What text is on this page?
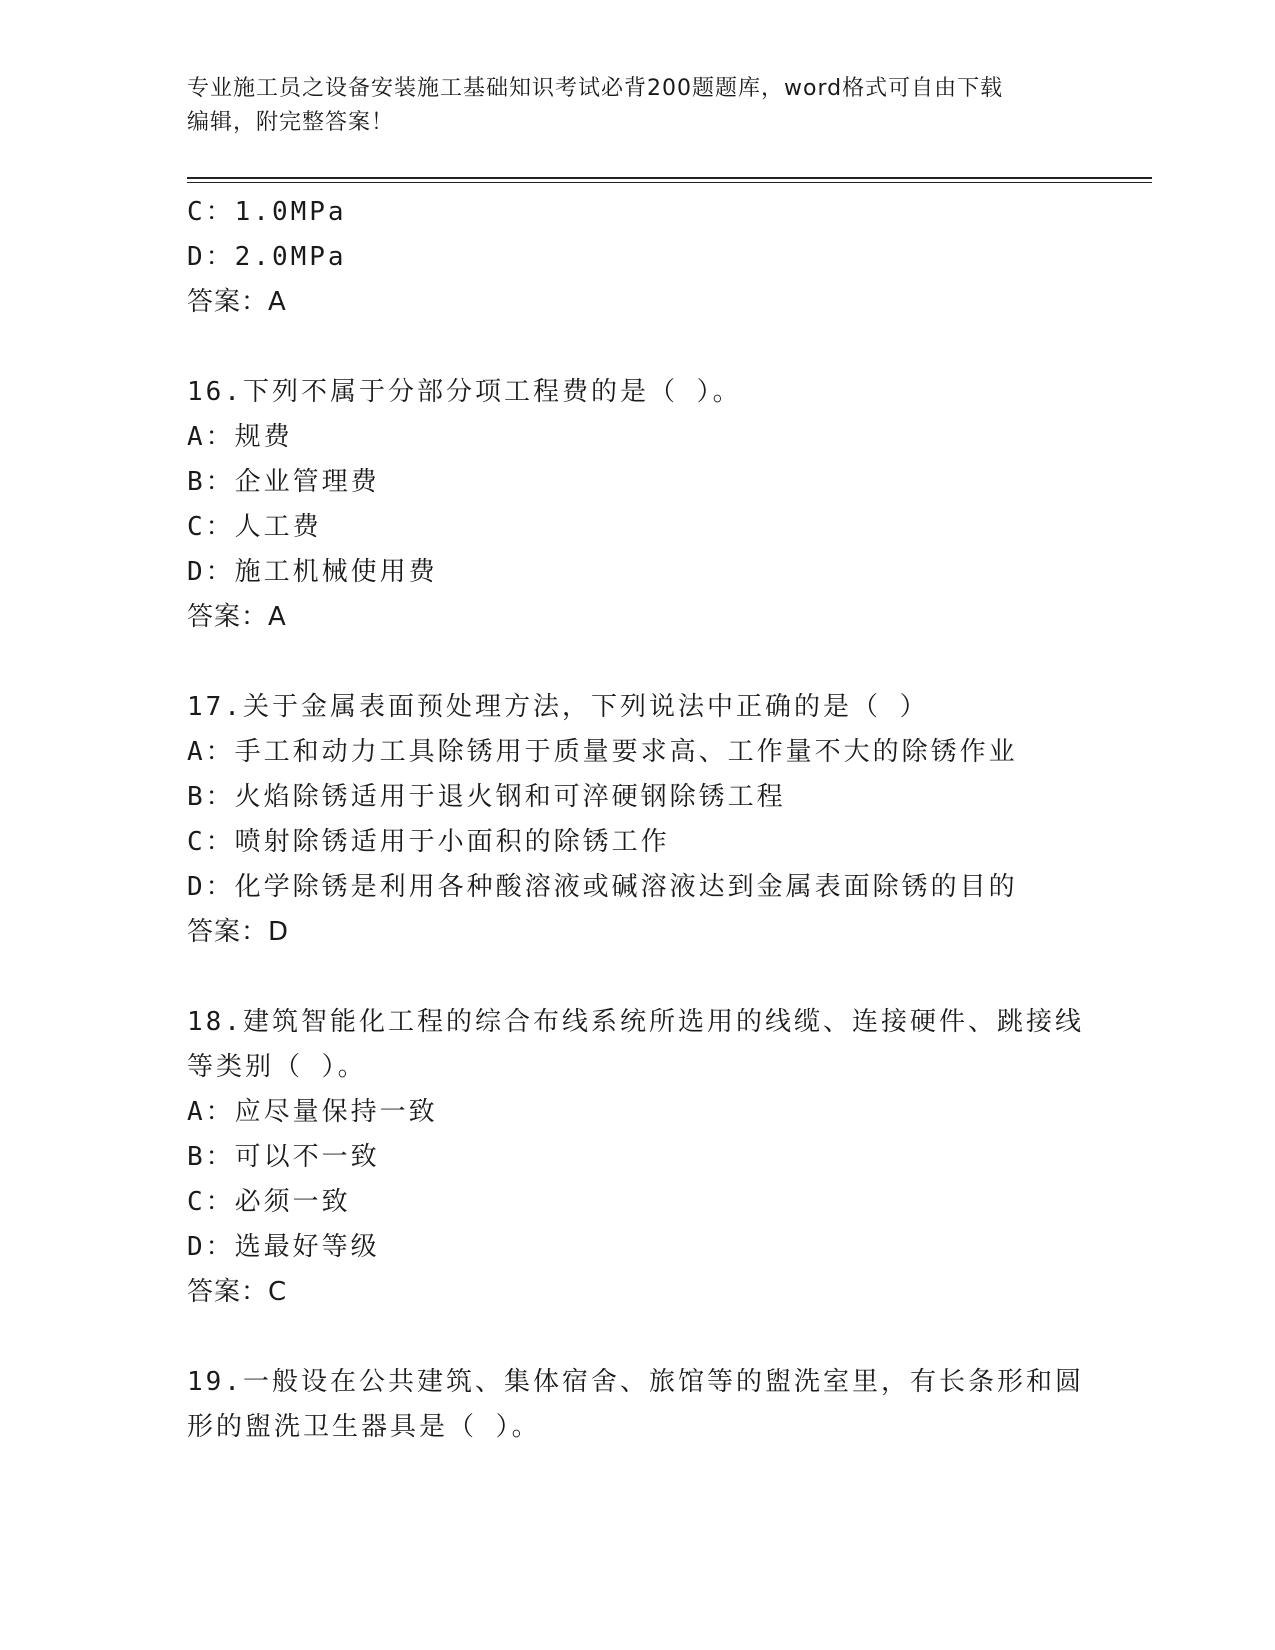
专业施工员之设备安装施工基础知识考试必背200题题库，word格式可自由下载
编辑，附完整答案！
C：1.0MPa
D：2.0MPa
答案：A
16.下列不属于分部分项工程费的是（ ）。
A：规费
B：企业管理费
C：人工费
D：施工机械使用费
答案：A
17.关于金属表面预处理方法，下列说法中正确的是（ ）
A：手工和动力工具除锈用于质量要求高、工作量不大的除锈作业
B：火焰除锈适用于退火钢和可淬硬钢除锈工程
C：喷射除锈适用于小面积的除锈工作
D：化学除锈是利用各种酸溶液或碱溶液达到金属表面除锈的目的
答案：D
18.建筑智能化工程的综合布线系统所选用的线缆、连接硬件、跳接线
等类别（ ）。
A：应尽量保持一致
B：可以不一致
C：必须一致
D：选最好等级
答案：C
19.一般设在公共建筑、集体宿舍、旅馆等的盥洗室里，有长条形和圆
形的盥洗卫生器具是（ ）。
